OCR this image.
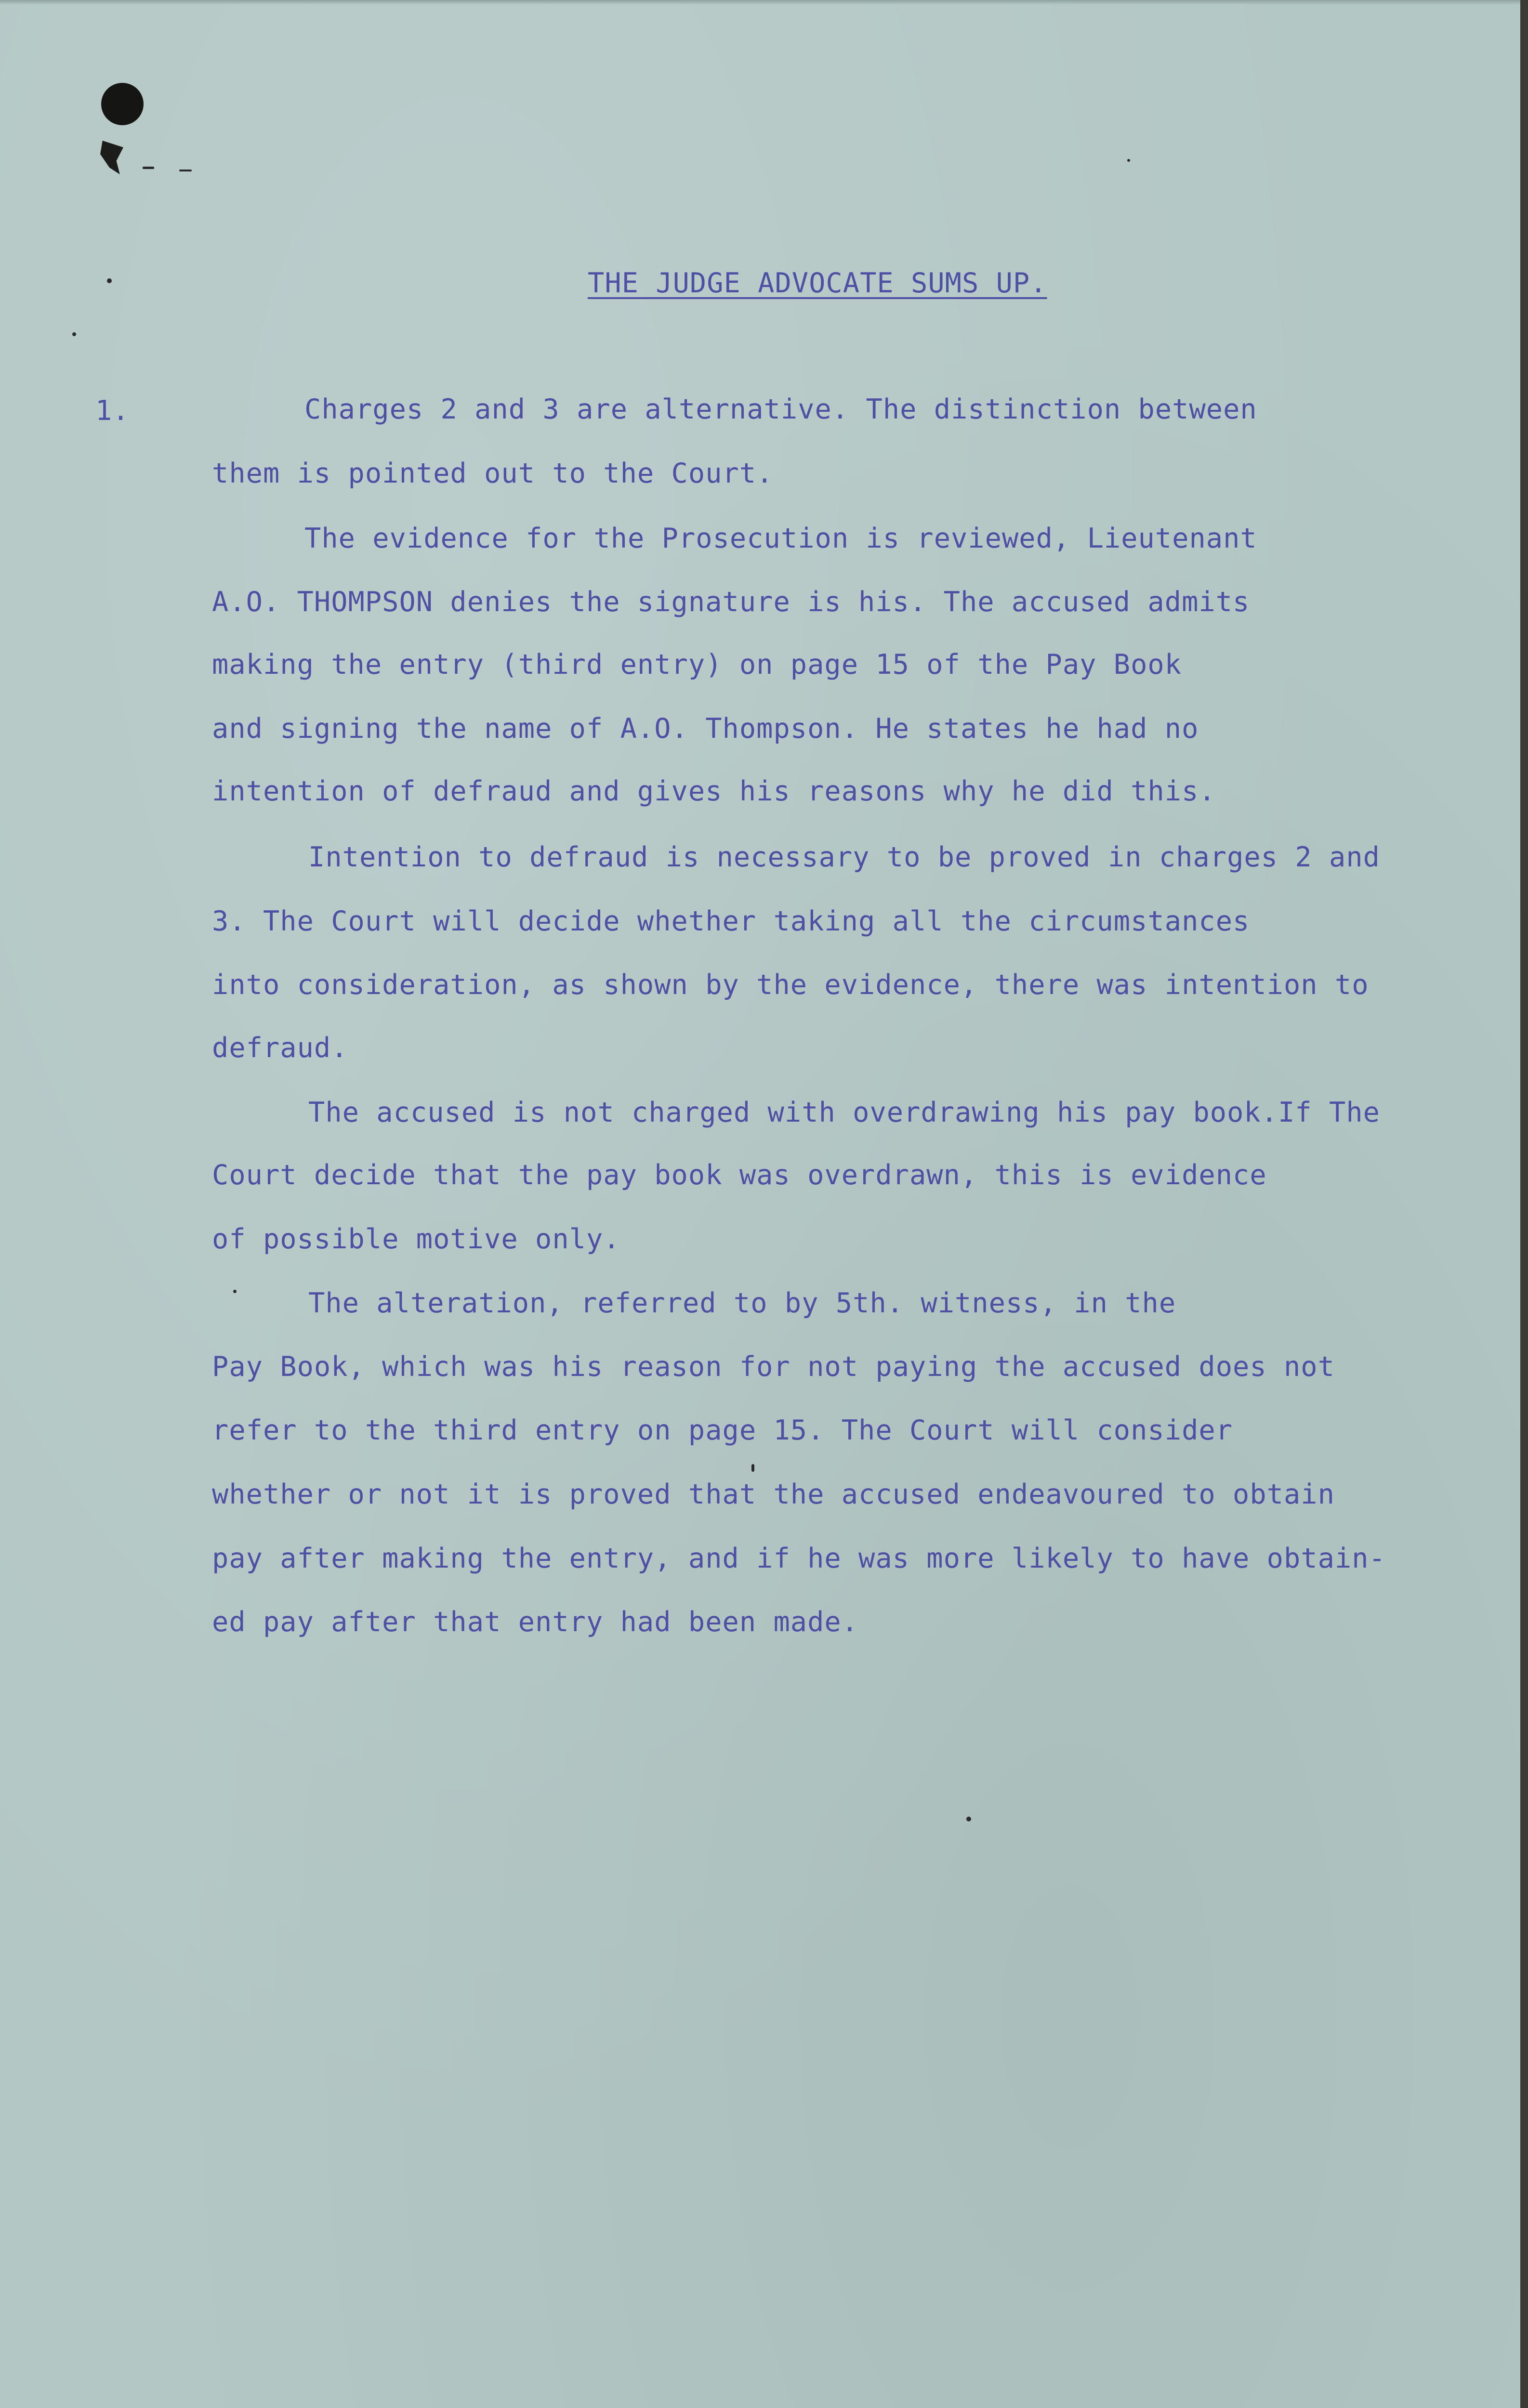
THE JUDGE ADVOCATE SUMS UP.
1.	Charges 2 and 3 are alternative. The distinction between
them is pointed out to the Court.
The evidence for the Prosecution is reviewed, Lieutenant
A.O. THOMPSON denies the signature is his. The accused admits
making the entry (third entry) on page 15 of the Pay Book
and signing the name of A.O. Thompson. He states he had no
intention of defraud and gives his reasons why he did this.
Intention to defraud is necessary to be proved in charges 2 and
3. The Court will decide whether taking all the circumstances
into consideration, as shown by the evidence, there was intention to
defraud.
The accused is not charged with overdrawing his pay book.If The
Court decide that the pay book was overdrawn, this is evidence
of possible motive only.
The alteration, referred to by 5th. witness, in the
Pay Book, which was his reason for not paying the accused does not
refer to the third entry on page 15. The Court will consider
whether or not it is proved that the accused endeavoured to obtain
pay after making the entry, and if he was more likely to have obtain-
ed pay after that entry had been made.
